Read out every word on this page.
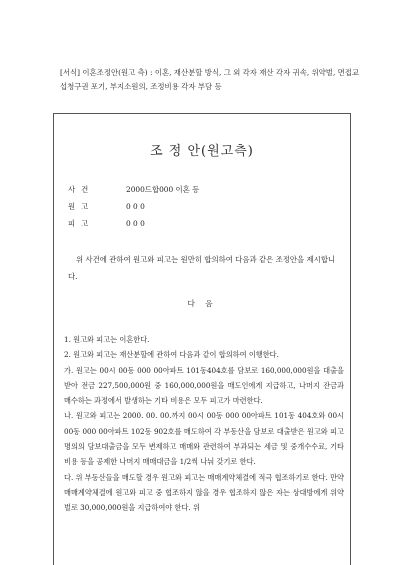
[서식] 이혼조정안(원고 측) : 이혼, 재산분할 방식, 그 외 각자 재산 각자 귀속, 위약벌, 면접교섭청구권 포기, 부지소원의, 조정비용 각자 부담 등
조 정 안(원고측)
사건	2000드합000 이혼 등
원고	0 0 0
피고	0 0 0
위 사건에 관하여 원고와 피고는 원만히 합의하여 다음과 같은 조정안을 제시합니다.
다 음

1. 원고와 피고는 이혼한다.

2. 원고와 피고는 재산분할에 관하여 다음과 같이 합의하여 이행한다.

가. 원고는 00시 00동 000 00아파트 101동404호를 담보로 160,000,000원을 대출을 받아 전금 227,500,000원 중 160,000,000원을 매도인에게 지급하고, 나머지 잔금과 매수하는 과정에서 발생하는 기타 비용은 모두 피고가 마련한다.

나. 원고와 피고는 2000. 00. 00.까지 00시 00동 000 00아파트 101동 404호와 00시 00동 000 00아파트 102동 902호를 매도하여 각 부동산을 담보로 대출받은 원고와 피고명의의 담보대출금을 모두 변제하고 매매와 관련하여 부과되는 세금 및 중개수수료, 기타 비용 등을 공제한 나머지 매매대금을 1/2씩 나눠 갖기로 한다.

다. 위 부동산들을 매도할 경우 원고와 피고는 매매계약체결에 적극 협조하기로 한다. 만약 매매계약체결에 원고와 피고 중 협조하지 않을 경우 협조하지 않은 자는 상대방에게 위약벌로 30,000,000원을 지급하여야 한다. 위
